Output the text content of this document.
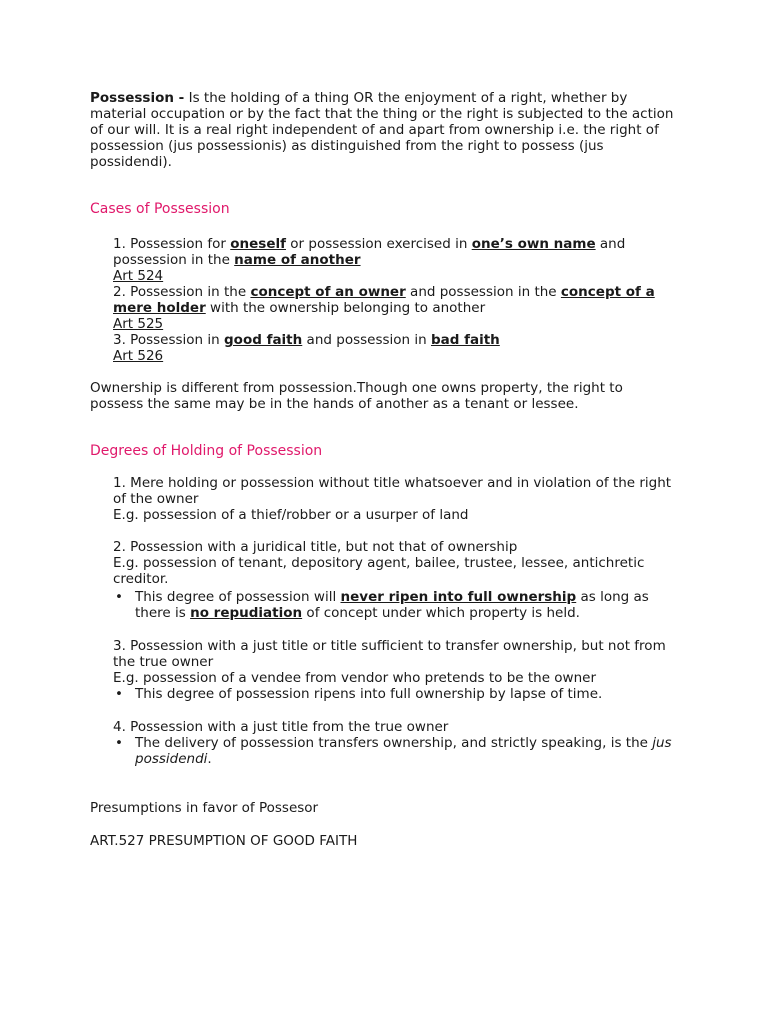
Possession - Is the holding of a thing OR the enjoyment of a right, whether by material occupation or by the fact that the thing or the right is subjected to the action of our will. It is a real right independent of and apart from ownership i.e. the right of possession (jus possessionis) as distinguished from the right to possess (jus possidendi).
Cases of Possession
1. Possession for oneself or possession exercised in one’s own name and possession in the name of another
Art 524
2. Possession in the concept of an owner and possession in the concept of a mere holder with the ownership belonging to another
Art 525
3. Possession in good faith and possession in bad faith
Art 526
Ownership is different from possession.Though one owns property, the right to possess the same may be in the hands of another as a tenant or lessee.
Degrees of Holding of Possession
1. Mere holding or possession without title whatsoever and in violation of the right of the owner
E.g. possession of a thief/robber or a usurper of land
2. Possession with a juridical title, but not that of ownership
E.g. possession of tenant, depository agent, bailee, trustee, lessee, antichretic creditor.
• This degree of possession will never ripen into full ownership as long as there is no repudiation of concept under which property is held.
3. Possession with a just title or title sufficient to transfer ownership, but not from the true owner
E.g. possession of a vendee from vendor who pretends to be the owner
• This degree of possession ripens into full ownership by lapse of time.
4. Possession with a just title from the true owner
• The delivery of possession transfers ownership, and strictly speaking, is the jus possidendi.
Presumptions in favor of Possesor
ART.527 PRESUMPTION OF GOOD FAITH
